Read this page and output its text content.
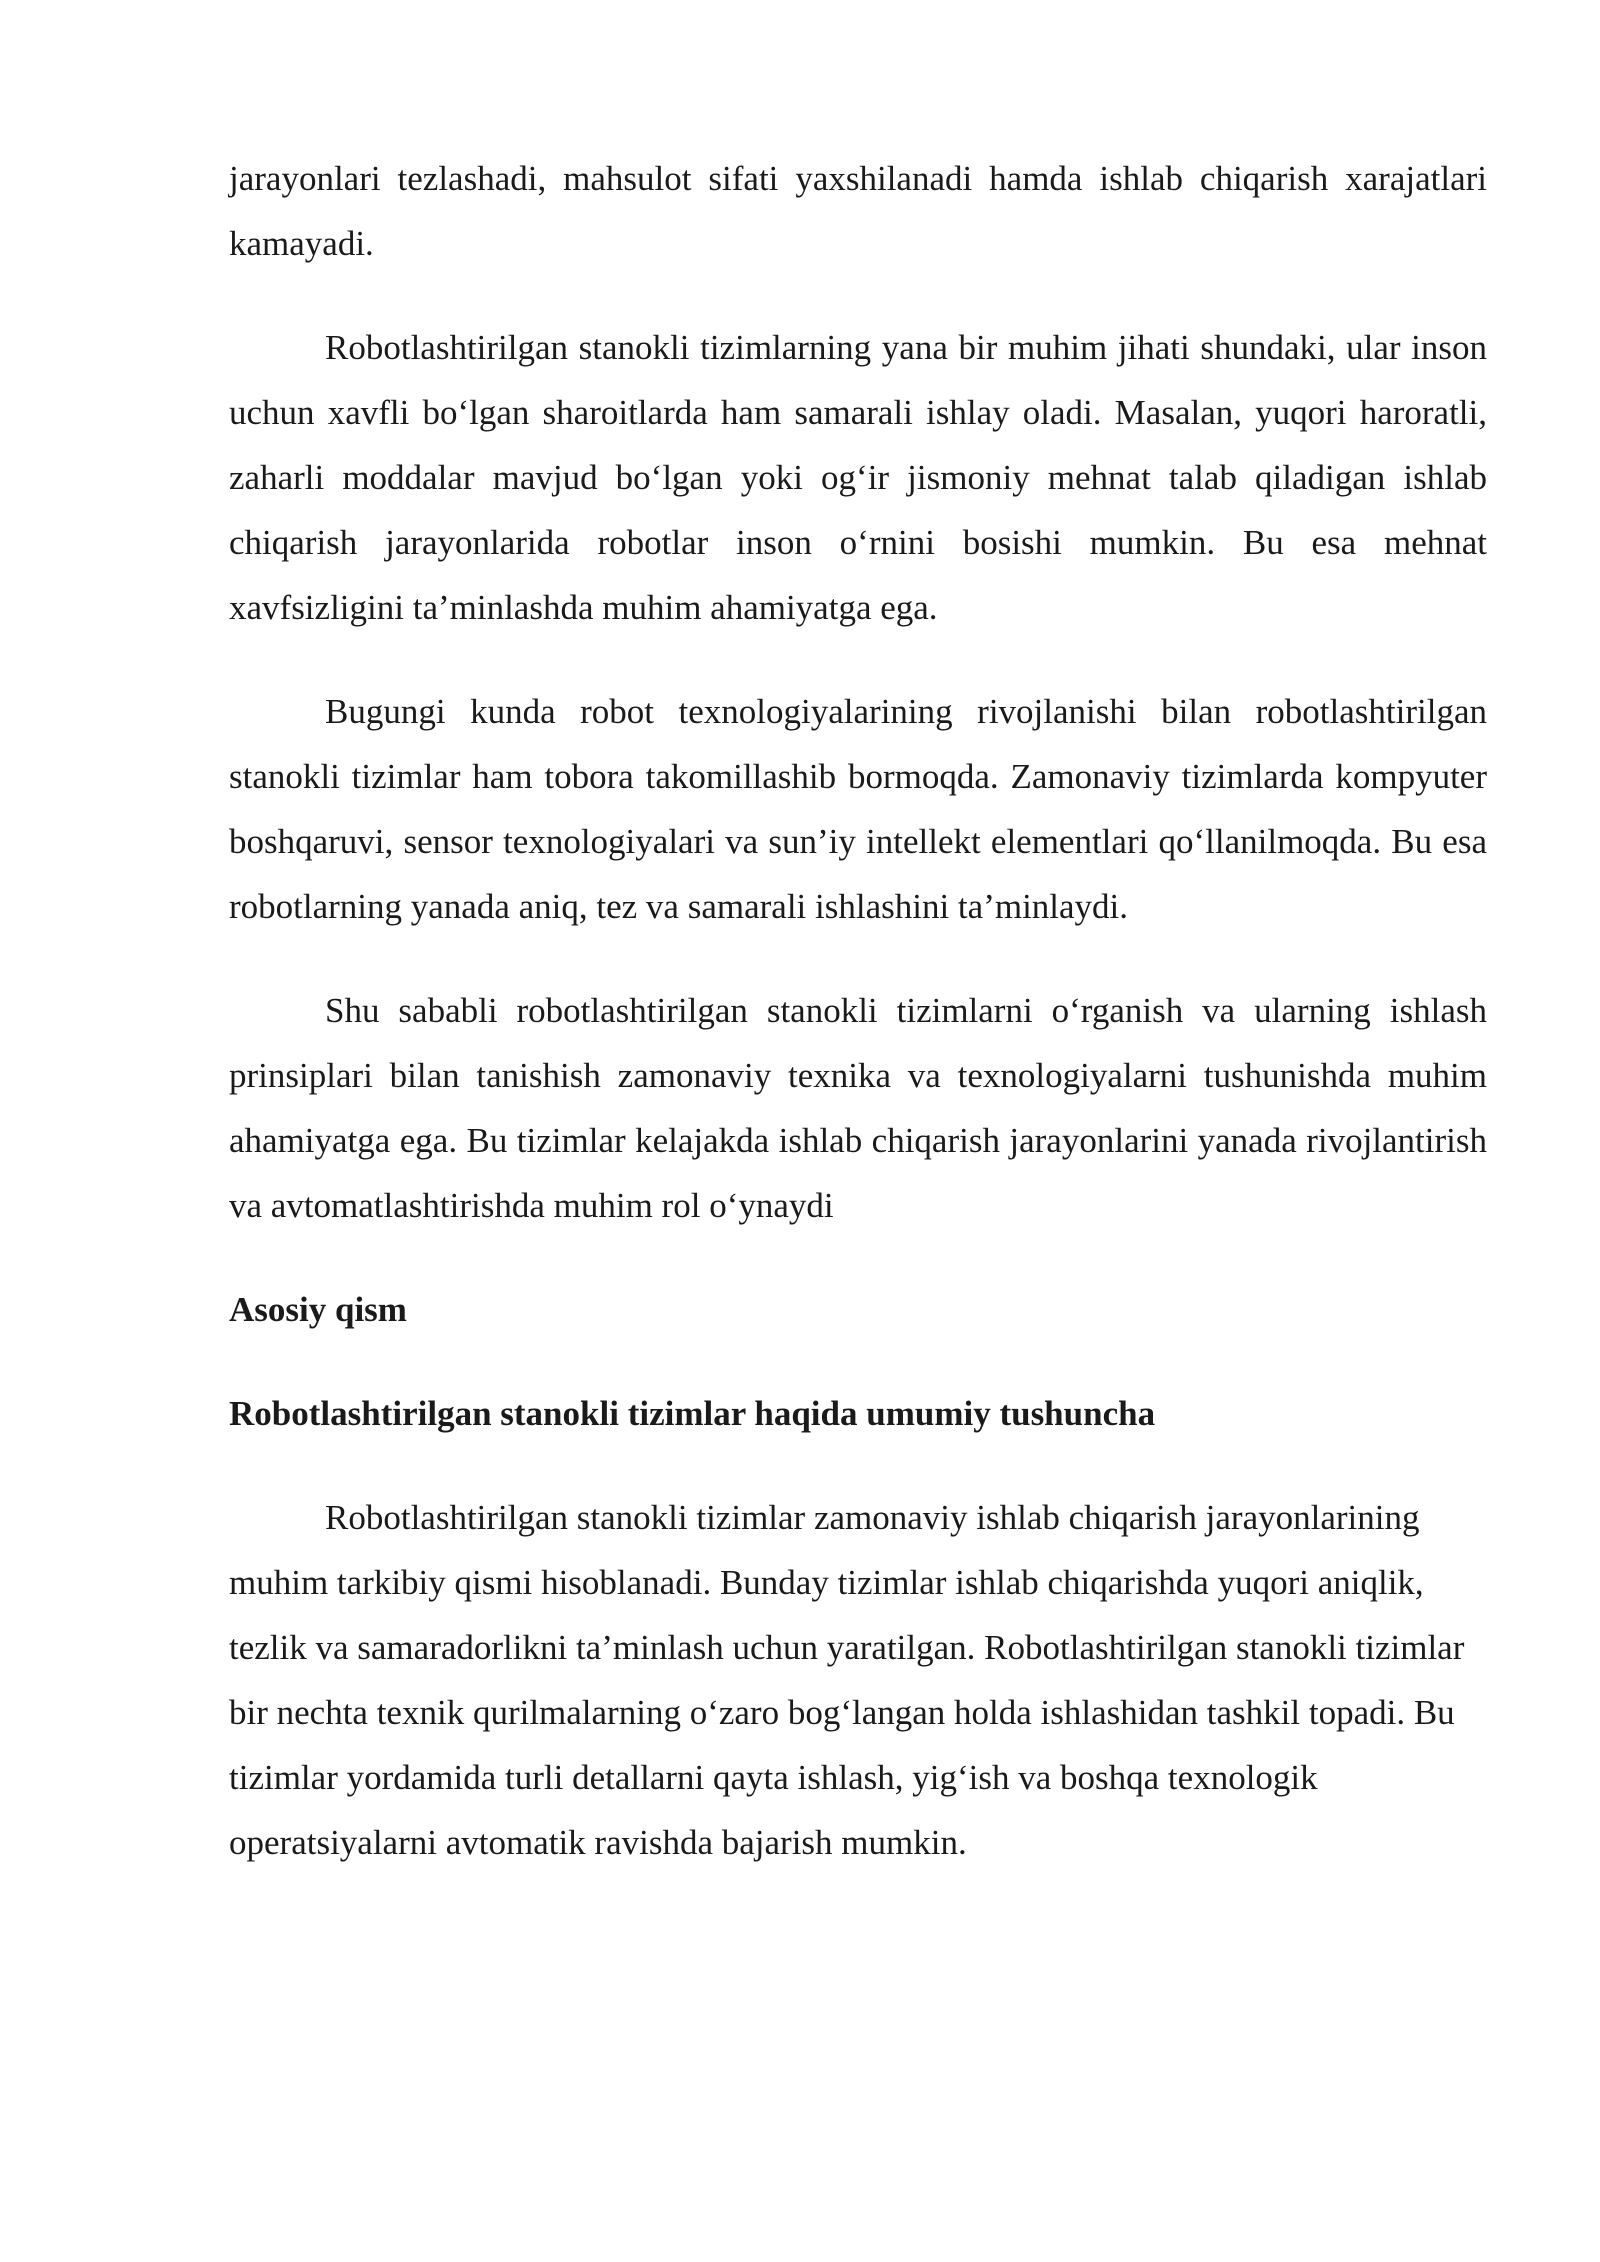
jarayonlari tezlashadi, mahsulot sifati yaxshilanadi hamda ishlab chiqarish xarajatlari kamayadi.

Robotlashtirilgan stanokli tizimlarning yana bir muhim jihati shundaki, ular inson uchun xavfli bo‘lgan sharoitlarda ham samarali ishlay oladi. Masalan, yuqori haroratli, zaharli moddalar mavjud bo‘lgan yoki og‘ir jismoniy mehnat talab qiladigan ishlab chiqarish jarayonlarida robotlar inson o‘rnini bosishi mumkin. Bu esa mehnat xavfsizligini ta’minlashda muhim ahamiyatga ega.

Bugungi kunda robot texnologiyalarining rivojlanishi bilan robotlashtirilgan stanokli tizimlar ham tobora takomillashib bormoqda. Zamonaviy tizimlarda kompyuter boshqaruvi, sensor texnologiyalari va sun’iy intellekt elementlari qo‘llanilmoqda. Bu esa robotlarning yanada aniq, tez va samarali ishlashini ta’minlaydi.

Shu sababli robotlashtirilgan stanokli tizimlarni o‘rganish va ularning ishlash prinsiplari bilan tanishish zamonaviy texnika va texnologiyalarni tushunishda muhim ahamiyatga ega. Bu tizimlar kelajakda ishlab chiqarish jarayonlarini yanada rivojlantirish va avtomatlashtirishda muhim rol o‘ynaydi

Asosiy qism
Robotlashtirilgan stanokli tizimlar haqida umumiy tushuncha

Robotlashtirilgan stanokli tizimlar zamonaviy ishlab chiqarish jarayonlarining muhim tarkibiy qismi hisoblanadi. Bunday tizimlar ishlab chiqarishda yuqori aniqlik, tezlik va samaradorlikni ta’minlash uchun yaratilgan. Robotlashtirilgan stanokli tizimlar bir nechta texnik qurilmalarning o‘zaro bog‘langan holda ishlashidan tashkil topadi. Bu tizimlar yordamida turli detallarni qayta ishlash, yig‘ish va boshqa texnologik operatsiyalarni avtomatik ravishda bajarish mumkin.
